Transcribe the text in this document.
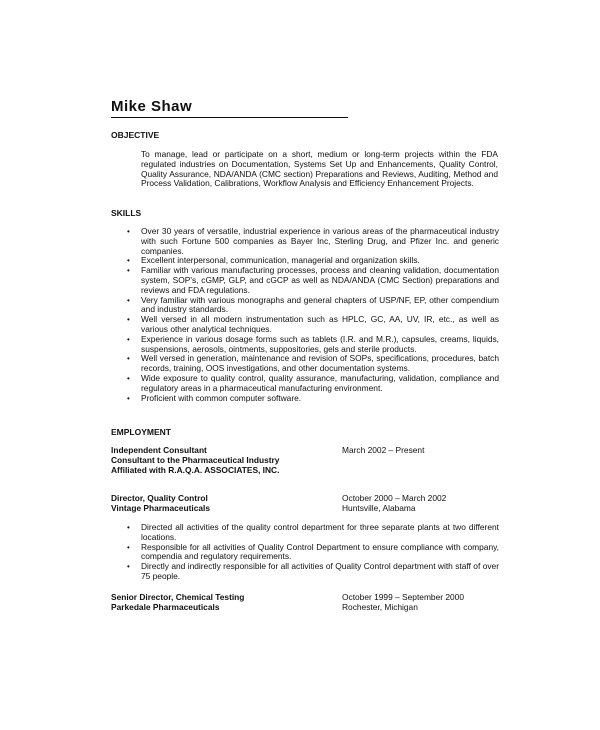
Mike Shaw
OBJECTIVE
To manage, lead or participate on a short, medium or long-term projects within the FDA regulated industries on Documentation, Systems Set Up and Enhancements, Quality Control, Quality Assurance, NDA/ANDA (CMC section) Preparations and Reviews, Auditing, Method and Process Validation, Calibrations, Workflow Analysis and Efficiency Enhancement Projects.
SKILLS
• Over 30 years of versatile, industrial experience in various areas of the pharmaceutical industry with such Fortune 500 companies as Bayer Inc, Sterling Drug, and Pfizer Inc. and generic companies.
• Excellent interpersonal, communication, managerial and organization skills.
• Familiar with various manufacturing processes, process and cleaning validation, documentation system, SOP's, cGMP, GLP, and cGCP as well as NDA/ANDA (CMC Section) preparations and reviews and FDA regulations.
• Very familiar with various monographs and general chapters of USP/NF, EP, other compendium and industry standards.
• Well versed in all modern instrumentation such as HPLC, GC, AA, UV, IR, etc., as well as various other analytical techniques.
• Experience in various dosage forms such as tablets (I.R. and M.R.), capsules, creams, liquids, suspensions, aerosols, ointments, suppositories, gels and sterile products.
• Well versed in generation, maintenance and revision of SOPs, specifications, procedures, batch records, training, OOS investigations, and other documentation systems.
• Wide exposure to quality control, quality assurance, manufacturing, validation, compliance and regulatory areas in a pharmaceutical manufacturing environment.
• Proficient with common computer software.
EMPLOYMENT
Independent Consultant
Consultant to the Pharmaceutical Industry
Affiliated with R.A.Q.A. ASSOCIATES, INC.
March 2002 – Present
Director, Quality Control
Vintage Pharmaceuticals
October 2000 – March 2002
Huntsville, Alabama
• Directed all activities of the quality control department for three separate plants at two different locations.
• Responsible for all activities of Quality Control Department to ensure compliance with company, compendia and regulatory requirements.
• Directly and indirectly responsible for all activities of Quality Control department with staff of over 75 people.
Senior Director, Chemical Testing
Parkedale Pharmaceuticals
October 1999 – September 2000
Rochester, Michigan
